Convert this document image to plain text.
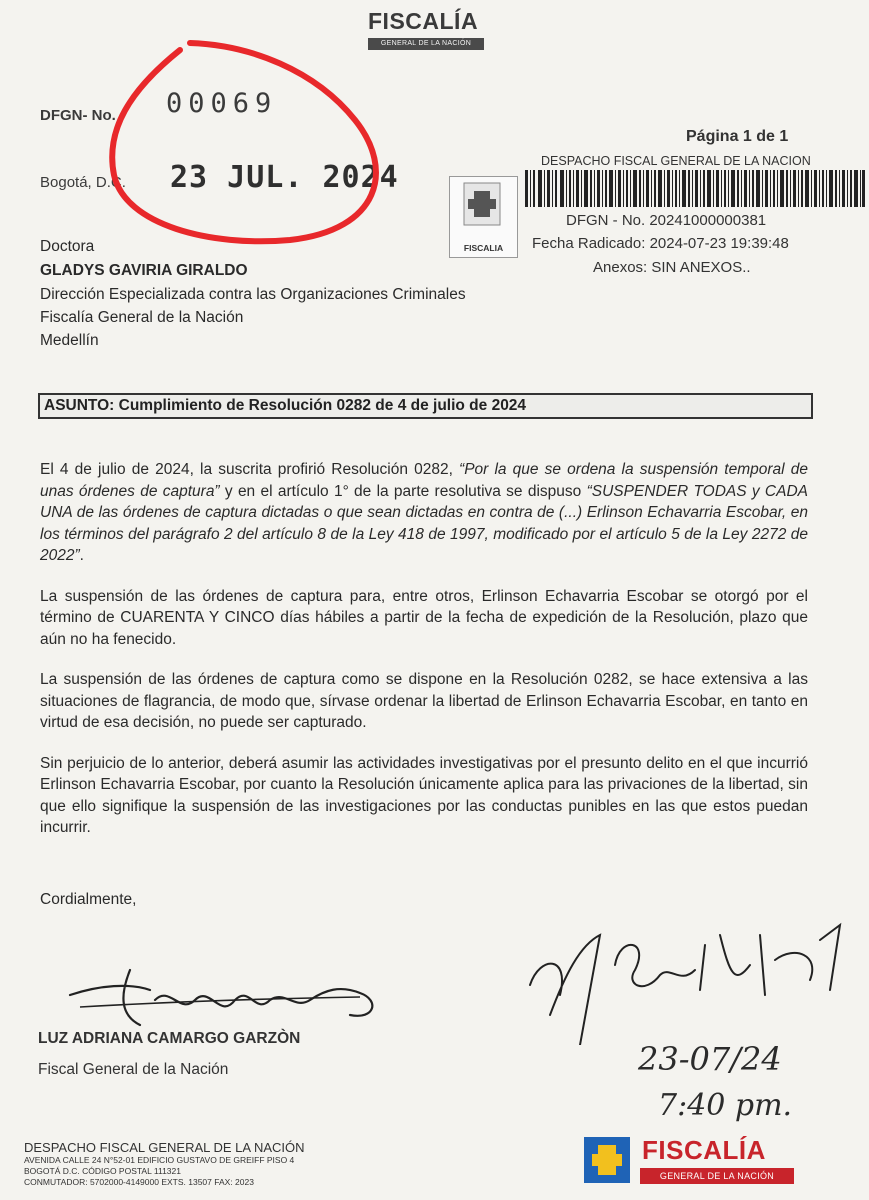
FISCALÍA
GENERAL DE LA NACIÓN
DFGN- No. 00069
Bogotá, D.C. 23 JUL. 2024
Página 1 de 1
DESPACHO FISCAL GENERAL DE LA NACION
FISCALIA
DFGN - No. 20241000000381
Fecha Radicado: 2024-07-23 19:39:48
Anexos: SIN ANEXOS..
Doctora
GLADYS GAVIRIA GIRALDO
Dirección Especializada contra las Organizaciones Criminales
Fiscalía General de la Nación
Medellín
ASUNTO: Cumplimiento de Resolución 0282 de 4 de julio de 2024

El 4 de julio de 2024, la suscrita profirió Resolución 0282, “Por la que se ordena la suspensión temporal de unas órdenes de captura” y en el artículo 1° de la parte resolutiva se dispuso “SUSPENDER TODAS y CADA UNA de las órdenes de captura dictadas o que sean dictadas en contra de (...) Erlinson Echavarria Escobar, en los términos del parágrafo 2 del artículo 8 de la Ley 418 de 1997, modificado por el artículo 5 de la Ley 2272 de 2022”.

La suspensión de las órdenes de captura para, entre otros, Erlinson Echavarria Escobar se otorgó por el término de CUARENTA Y CINCO días hábiles a partir de la fecha de expedición de la Resolución, plazo que aún no ha fenecido.

La suspensión de las órdenes de captura como se dispone en la Resolución 0282, se hace extensiva a las situaciones de flagrancia, de modo que, sírvase ordenar la libertad de Erlinson Echavarria Escobar, en tanto en virtud de esa decisión, no puede ser capturado.

Sin perjuicio de lo anterior, deberá asumir las actividades investigativas por el presunto delito en el que incurrió Erlinson Echavarria Escobar, por cuanto la Resolución únicamente aplica para las privaciones de la libertad, sin que ello signifique la suspensión de las investigaciones por las conductas punibles en las que estos puedan incurrir.

Cordialmente,
LUZ ADRIANA CAMARGO GARZÒN
Fiscal General de la Nación	23-07/24
7:40 pm.
DESPACHO FISCAL GENERAL DE LA NACIÓN
AVENIDA CALLE 24 N°52-01 EDIFICIO GUSTAVO DE GREIFF PISO 4
BOGOTÁ D.C. CÓDIGO POSTAL 111321
CONMUTADOR: 5702000-4149000 EXTS. 13507 FAX: 2023
FISCALÍA
GENERAL DE LA NACIÓN
